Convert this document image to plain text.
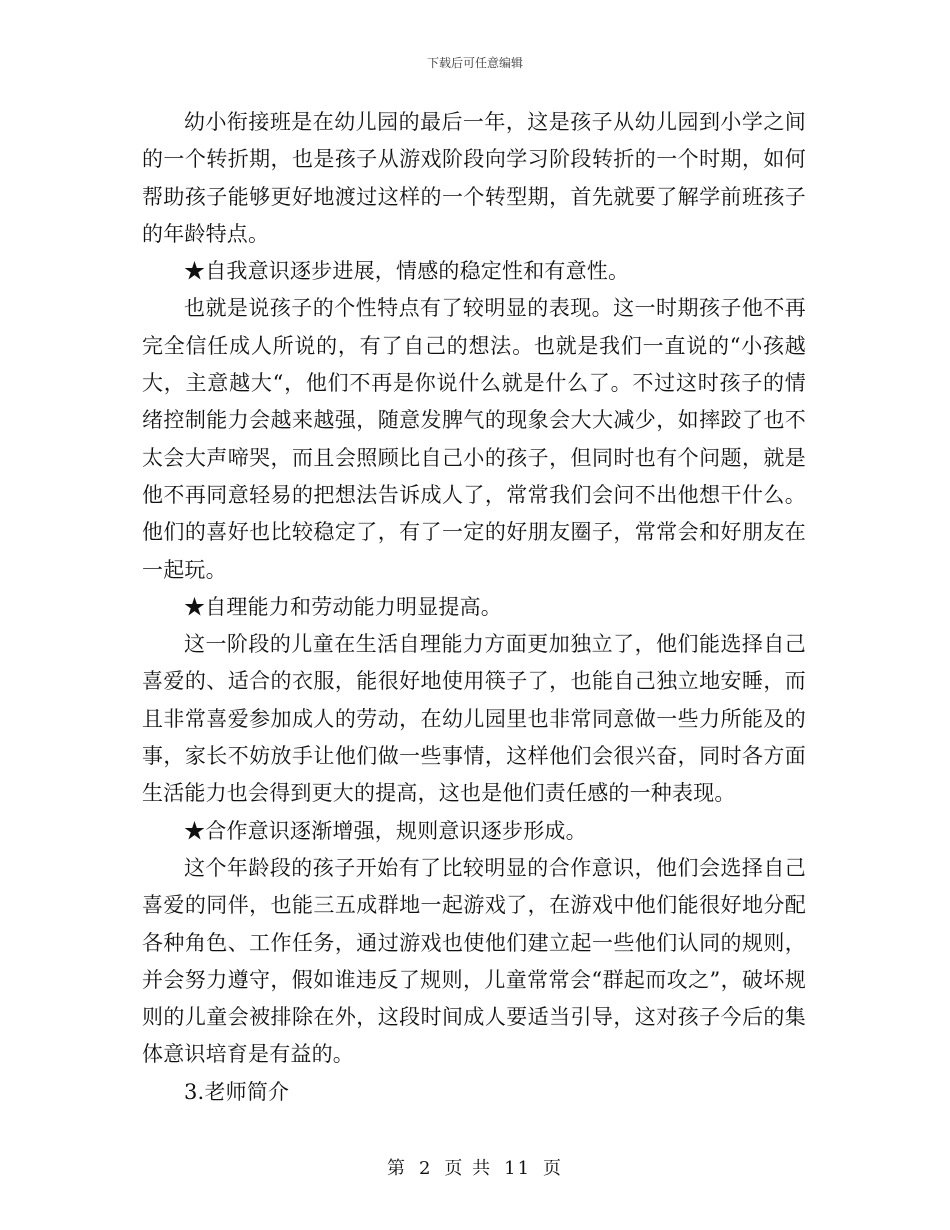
下载后可任意编辑

幼小衔接班是在幼儿园的最后一年，这是孩子从幼儿园到小学之间的一个转折期，也是孩子从游戏阶段向学习阶段转折的一个时期，如何帮助孩子能够更好地渡过这样的一个转型期，首先就要了解学前班孩子的年龄特点。

★自我意识逐步进展，情感的稳定性和有意性。

也就是说孩子的个性特点有了较明显的表现。这一时期孩子他不再完全信任成人所说的，有了自己的想法。也就是我们一直说的“小孩越大，主意越大“，他们不再是你说什么就是什么了。不过这时孩子的情绪控制能力会越来越强，随意发脾气的现象会大大减少，如摔跤了也不太会大声啼哭，而且会照顾比自己小的孩子，但同时也有个问题，就是他不再同意轻易的把想法告诉成人了，常常我们会问不出他想干什么。他们的喜好也比较稳定了，有了一定的好朋友圈子，常常会和好朋友在一起玩。

★自理能力和劳动能力明显提高。

这一阶段的儿童在生活自理能力方面更加独立了，他们能选择自己喜爱的、适合的衣服，能很好地使用筷子了，也能自己独立地安睡，而且非常喜爱参加成人的劳动，在幼儿园里也非常同意做一些力所能及的事，家长不妨放手让他们做一些事情，这样他们会很兴奋，同时各方面生活能力也会得到更大的提高，这也是他们责任感的一种表现。

★合作意识逐渐增强，规则意识逐步形成。

这个年龄段的孩子开始有了比较明显的合作意识，他们会选择自己喜爱的同伴，也能三五成群地一起游戏了，在游戏中他们能很好地分配各种角色、工作任务，通过游戏也使他们建立起一些他们认同的规则，并会努力遵守，假如谁违反了规则，儿童常常会“群起而攻之”，破坏规则的儿童会被排除在外，这段时间成人要适当引导，这对孩子今后的集体意识培育是有益的。

3.老师简介

第 2 页 共 11 页
